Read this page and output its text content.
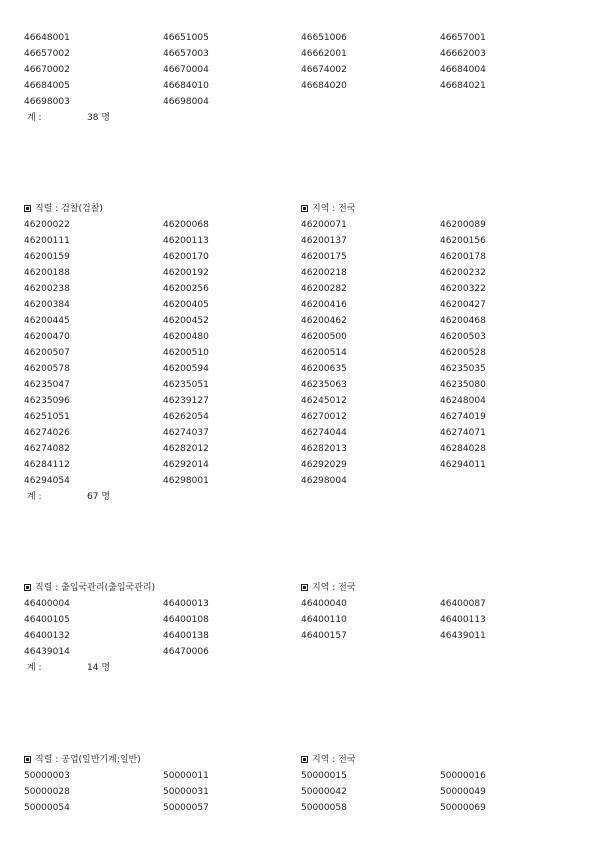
46648001	46651005	46651006	46657001
46657002	46657003	46662001	46662003
46670002	46670004	46674002	46684004
46684005	46684010	46684020	46684021
46698003	46698004
계 :	38 명
직렬 : 검찰(검찰)	지역 : 전국
46200022	46200068	46200071	46200089
46200111	46200113	46200137	46200156
46200159	46200170	46200175	46200178
46200188	46200192	46200218	46200232
46200238	46200256	46200282	46200322
46200384	46200405	46200416	46200427
46200445	46200452	46200462	46200468
46200470	46200480	46200500	46200503
46200507	46200510	46200514	46200528
46200578	46200594	46200635	46235035
46235047	46235051	46235063	46235080
46235096	46239127	46245012	46248004
46251051	46262054	46270012	46274019
46274026	46274037	46274044	46274071
46274082	46282012	46282013	46284028
46284112	46292014	46292029	46294011
46294054	46298001	46298004
계 :	67 명
직렬 : 출입국관리(출입국관리)	지역 : 전국
46400004	46400013	46400040	46400087
46400105	46400108	46400110	46400113
46400132	46400138	46400157	46439011
46439014	46470006
계 :	14 명
직렬 : 공업(일반기계:일반)	지역 : 전국
50000003	50000011	50000015	50000016
50000028	50000031	50000042	50000049
50000054	50000057	50000058	50000069
